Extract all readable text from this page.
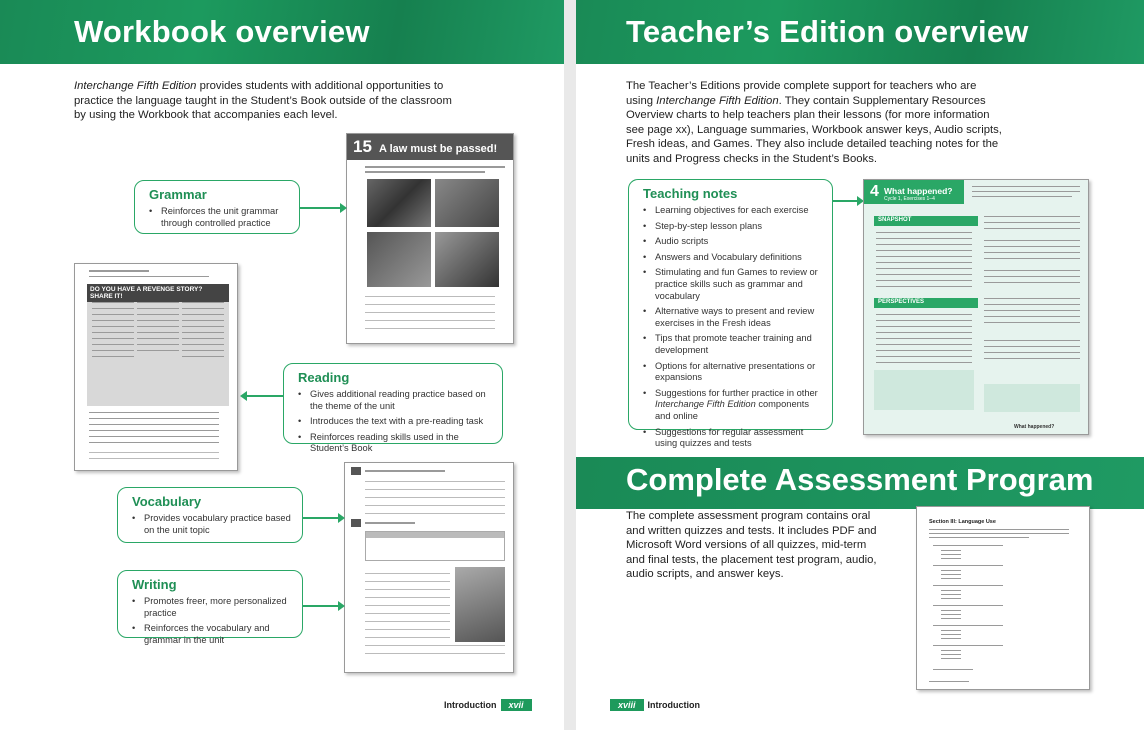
Workbook overview

Interchange Fifth Edition provides students with additional opportunities to practice the language taught in the Student’s Book outside of the classroom by using the Workbook that accompanies each level.

15 A law must be passed!
DO YOU HAVE A REVENGE STORY? SHARE IT!
Grammar
• Reinforces the unit grammar through controlled practice
Reading
• Gives additional reading practice based on the theme of the unit
• Introduces the text with a pre-reading task
• Reinforces reading skills used in the Student’s Book
Vocabulary
• Provides vocabulary practice based on the unit topic
Writing
• Promotes freer, more personalized practice
• Reinforces the vocabulary and grammar in the unit
Introduction xvii
Teacher’s Edition overview

The Teacher’s Editions provide complete support for teachers who are using Interchange Fifth Edition. They contain Supplementary Resources Overview charts to help teachers plan their lessons (for more information see page xx), Language summaries, Workbook answer keys, Audio scripts, Fresh ideas, and Games. They also include detailed teaching notes for the units and Progress checks in the Student’s Books.

Teaching notes
• Learning objectives for each exercise
• Step-by-step lesson plans
• Audio scripts
• Answers and Vocabulary definitions
• Stimulating and fun Games to review or practice skills such as grammar and vocabulary
• Alternative ways to present and review exercises in the Fresh ideas
• Tips that promote teacher training and development
• Options for alternative presentations or expansions
• Suggestions for further practice in other Interchange Fifth Edition components and online
• Suggestions for regular assessment using quizzes and tests
4 What happened?
Cycle 1, Exercises 1–4
SNAPSHOT
PERSPECTIVES
What happened?
Complete Assessment Program

The complete assessment program contains oral and written quizzes and tests. It includes PDF and Microsoft Word versions of all quizzes, mid-term and final tests, the placement test program, audio, audio scripts, and answer keys.

Section III: Language Use
xviii Introduction
